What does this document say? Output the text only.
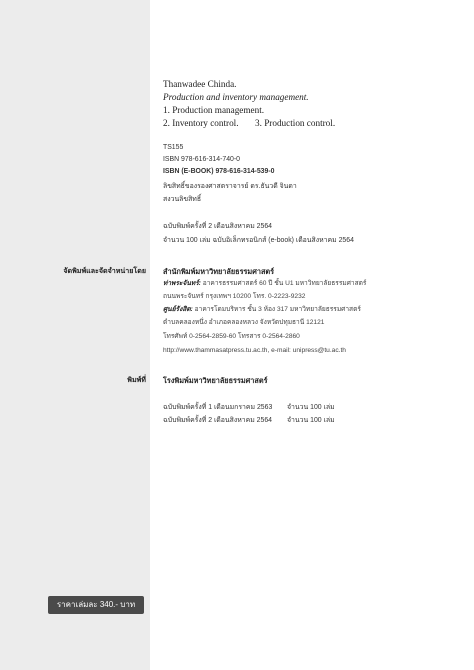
Thanwadee Chinda.
Production and inventory management.
1. Production management.
2. Inventory control. 3. Production control.
TS155
ISBN 978-616-314-740-0
ISBN (E-BOOK) 978-616-314-539-0
ลิขสิทธิ์ของรองศาสตราจารย์ ดร.ธันวดี จินดา
สงวนลิขสิทธิ์
ฉบับพิมพ์ครั้งที่ 2 เดือนสิงหาคม 2564
จำนวน 100 เล่ม ฉบับอิเล็กทรอนิกส์ (e-book) เดือนสิงหาคม 2564
จัดพิมพ์และจัดจำหน่ายโดย สำนักพิมพ์มหาวิทยาลัยธรรมศาสตร์
ท่าพระจันทร์: อาคารธรรมศาสตร์ 60 ปี ชั้น U1 มหาวิทยาลัยธรรมศาสตร์
ถนนพระจันทร์ กรุงเทพฯ 10200 โทร. 0-2223-9232
ศูนย์รังสิต: อาคารโดมบริหาร ชั้น 3 ห้อง 317 มหาวิทยาลัยธรรมศาสตร์
ตำบลคลองหนึ่ง อำเภอคลองหลวง จังหวัดปทุมธานี 12121
โทรศัพท์ 0-2564-2859-60 โทรสาร 0-2564-2860
http://www.thammasatpress.tu.ac.th, e-mail: unipress@tu.ac.th
พิมพ์ที่ โรงพิมพ์มหาวิทยาลัยธรรมศาสตร์
ฉบับพิมพ์ครั้งที่ 1 เดือนมกราคม 2563 จำนวน 100 เล่ม
ฉบับพิมพ์ครั้งที่ 2 เดือนสิงหาคม 2564 จำนวน 100 เล่ม
ราคาเล่มละ 340.- บาท
